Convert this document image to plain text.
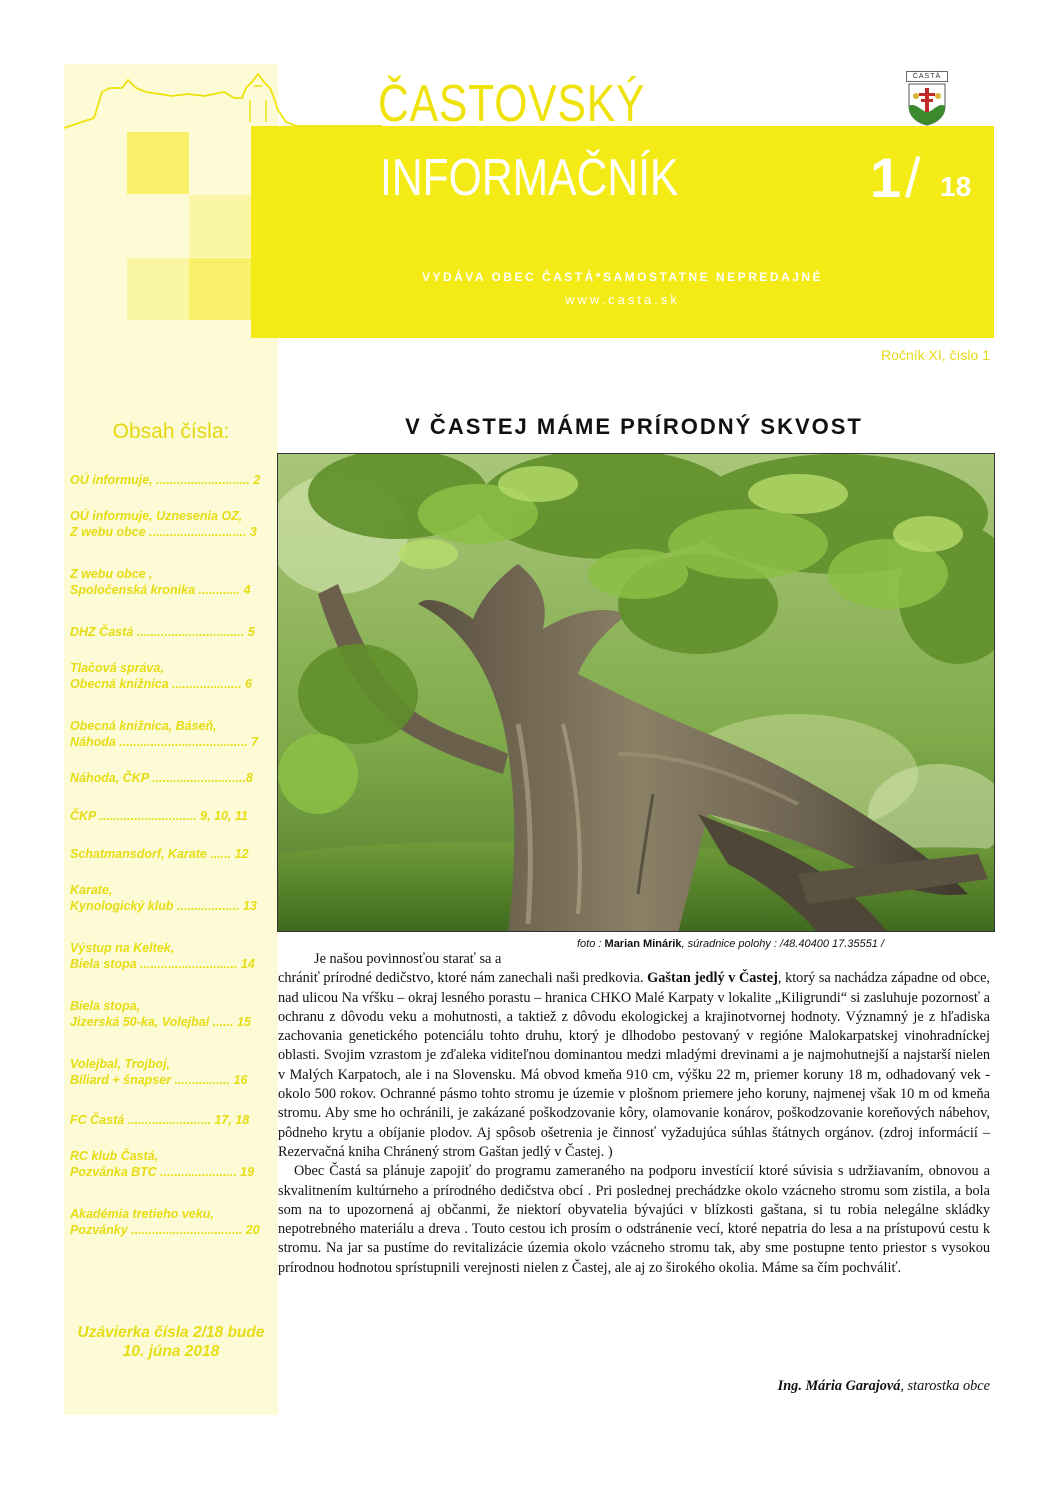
ČASTOVSKÝ
INFORMAČNÍK	1 / 18
VYDÁVA OBEC ČASTÁ*SAMOSTATNE NEPREDAJNÉ
www.casta.sk
Ročník XI, číslo 1
ČASTÁ
Obsah čísla:
OÚ informuje, ........................... 2
OÚ informuje, Uznesenia OZ,
Z webu obce ............................ 3
Z webu obce ,
Spoločenská kronika ............ 4
DHZ Častá ............................... 5
Tlačová správa,
Obecná knižnica .................... 6
Obecná knižnica, Báseň,
Náhoda ..................................... 7
Náhoda, ČKP ...........................8
ČKP ............................ 9, 10, 11
Schatmansdorf, Karate ...... 12
Karate,
Kynologický klub .................. 13
Výstup na Keltek,
Biela stopa ............................ 14
Biela stopa,
Jizerská 50-ka, Volejbal ...... 15
Volejbal, Trojboj,
Biliard + šnapser ................ 16
FC Častá ........................ 17, 18
RC klub Častá,
Pozvánka BTC ...................... 19
Akadémia tretieho veku,
Pozvánky ................................ 20
Uzávierka čísla 2/18 bude
10. júna 2018
V ČASTEJ MÁME PRÍRODNÝ SKVOST
foto : Marian Minárik, súradnice polohy : /48.40400 17.35551 /

Je našou povinnosťou starať sa a
chrániť prírodné dedičstvo, ktoré nám zanechali naši predkovia. Gaštan jedlý v Častej, ktorý sa nachádza západne od obce, nad ulicou Na vŕšku – okraj lesného porastu – hranica CHKO Malé Karpaty v lokalite „Kiligrundi“ si zasluhuje pozornosť a ochranu z dôvodu veku a mohutnosti, a taktiež z dôvodu ekologickej a krajinotvornej hodnoty. Významný je z hľadiska zachovania genetického potenciálu tohto druhu, ktorý je dlhodobo pestovaný v regióne Malokarpatskej vinohradníckej oblasti. Svojim vzrastom je zďaleka viditeľnou dominantou medzi mladými drevinami a je najmohutnejší a najstarší nielen v Malých Karpatoch, ale i na Slovensku. Má obvod kmeňa 910 cm, výšku 22 m, priemer koruny 18 m, odhadovaný vek - okolo 500 rokov. Ochranné pásmo tohto stromu je územie v plošnom priemere jeho koruny, najmenej však 10 m od kmeňa stromu. Aby sme ho ochránili, je zakázané poškodzovanie kôry, olamovanie konárov, poškodzovanie koreňových nábehov, pôdneho krytu a obíjanie plodov. Aj spôsob ošetrenia je činnosť vyžadujúca súhlas štátnych orgánov. (zdroj informácií – Rezervačná kniha Chránený strom Gaštan jedlý v Častej. )

Obec Častá sa plánuje zapojiť do programu zameraného na podporu investícií ktoré súvisia s udržiavaním, obnovou a skvalitnením kultúrneho a prírodného dedičstva obcí . Pri poslednej prechádzke okolo vzácneho stromu som zistila, a bola som na to upozornená aj občanmi, že niektorí obyvatelia bývajúci v blízkosti gaštana, si tu robia nelegálne skládky nepotrebného materiálu a dreva . Touto cestou ich prosím o odstránenie vecí, ktoré nepatria do lesa a na prístupovú cestu k stromu. Na jar sa pustíme do revitalizácie územia okolo vzácneho stromu tak, aby sme postupne tento priestor s vysokou prírodnou hodnotou sprístupnili verejnosti nielen z Častej, ale aj zo širokého okolia. Máme sa čím pochváliť.

Ing. Mária Garajová, starostka obce
